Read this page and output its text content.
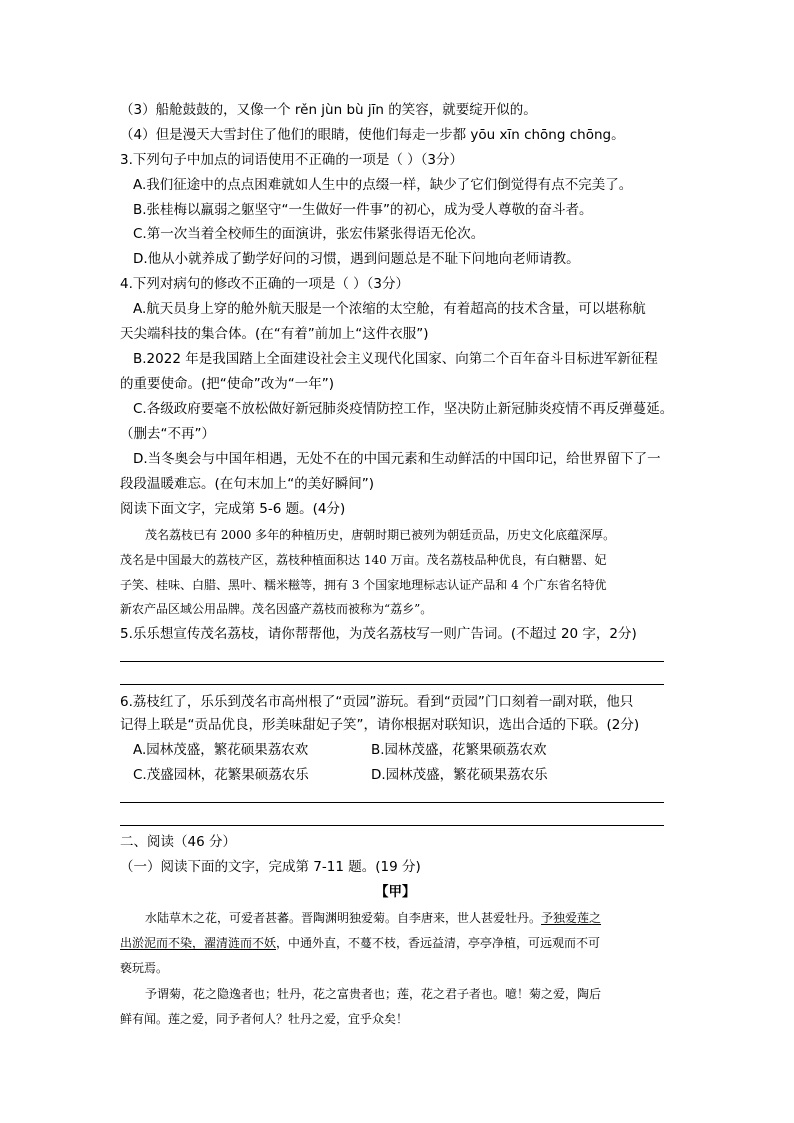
（3）船舱鼓鼓的，又像一个 rěn jùn bù jīn 的笑容，就要绽开似的。
（4）但是漫天大雪封住了他们的眼睛，使他们每走一步都 yōu xīn chōng chōng。
3.下列句子中加点的词语使用不正确的一项是（ ）（3分）
A.我们征途中的点点困难就如人生中的点缀一样，缺少了它们倒觉得有点不完美了。
B.张桂梅以羸弱之躯坚守“一生做好一件事”的初心，成为受人尊敬的奋斗者。
C.第一次当着全校师生的面演讲，张宏伟紧张得语无伦次。
D.他从小就养成了勤学好问的习惯，遇到问题总是不耻下问地向老师请教。
4.下列对病句的修改不正确的一项是（ ）（3分）
A.航天员身上穿的舱外航天服是一个浓缩的太空舱，有着超高的技术含量，可以堪称航
天尖端科技的集合体。(在“有着”前加上“这件衣服”)
B.2022 年是我国踏上全面建设社会主义现代化国家、向第二个百年奋斗目标进军新征程
的重要使命。(把“使命”改为“一年”)
C.各级政府要毫不放松做好新冠肺炎疫情防控工作，坚决防止新冠肺炎疫情不再反弹蔓延。
（删去“不再”）
D.当冬奥会与中国年相遇，无处不在的中国元素和生动鲜活的中国印记，给世界留下了一
段段温暖难忘。(在句末加上“的美好瞬间”)
阅读下面文字，完成第 5-6 题。(4分)
茂名荔枝已有 2000 多年的种植历史，唐朝时期已被列为朝廷贡品，历史文化底蕴深厚。
茂名是中国最大的荔枝产区，荔枝种植面积达 140 万亩。茂名荔枝品种优良，有白糖罂、妃
子笑、桂味、白腊、黑叶、糯米糍等，拥有 3 个国家地理标志认证产品和 4 个广东省名特优
新农产品区域公用品牌。茂名因盛产荔枝而被称为“荔乡”。
5.乐乐想宣传茂名荔枝，请你帮帮他，为茂名荔枝写一则广告词。(不超过 20 字，2分)
6.荔枝红了，乐乐到茂名市高州根了“贡园”游玩。看到“贡园”门口刻着一副对联，他只
记得上联是“贡品优良，形美味甜妃子笑”，请你根据对联知识，选出合适的下联。(2分)
A.园林茂盛，繁花硕果荔农欢	B.园林茂盛，花繁果硕荔农欢
C.茂盛园林，花繁果硕荔农乐	D.园林茂盛，繁花硕果荔农乐
二、阅读（46 分）
（一）阅读下面的文字，完成第 7-11 题。(19 分)
【甲】
水陆草木之花，可爱者甚蕃。晋陶渊明独爱菊。自李唐来，世人甚爱牡丹。予独爱莲之
出淤泥而不染，濯清涟而不妖，中通外直，不蔓不枝，香远益清，亭亭净植，可远观而不可
亵玩焉。
予谓菊，花之隐逸者也；牡丹，花之富贵者也；莲，花之君子者也。噫！菊之爱，陶后
鲜有闻。莲之爱，同予者何人？牡丹之爱，宜乎众矣！
